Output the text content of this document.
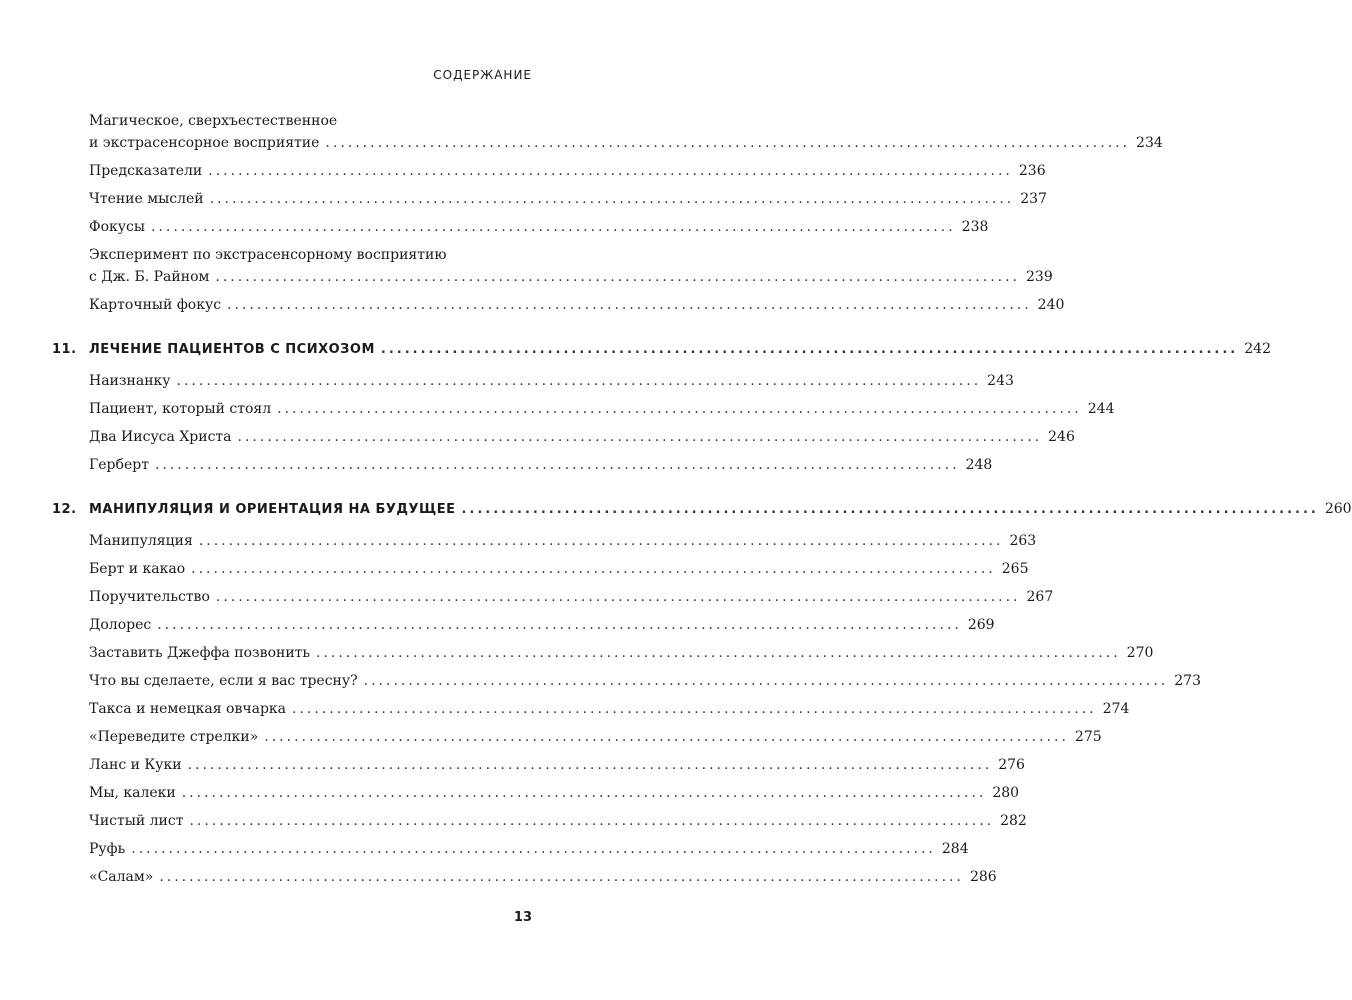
СОДЕРЖАНИЕ
Магическое, сверхъестественное
и экстрасенсорное восприятие ............................................................................................................ 234
Предсказатели ............................................................................................................ 236
Чтение мыслей ............................................................................................................ 237
Фокусы ............................................................................................................ 238
Эксперимент по экстрасенсорному восприятию
с Дж. Б. Райном ............................................................................................................ 239
Карточный фокус ............................................................................................................ 240
11. ЛЕЧЕНИЕ ПАЦИЕНТОВ С ПСИХОЗОМ ............................................................................................................ 242
Наизнанку ............................................................................................................ 243
Пациент, который стоял ............................................................................................................ 244
Два Иисуса Христа ............................................................................................................ 246
Герберт ............................................................................................................ 248
12. МАНИПУЛЯЦИЯ И ОРИЕНТАЦИЯ НА БУДУЩЕЕ ............................................................................................................ 260
Манипуляция ............................................................................................................ 263
Берт и какао ............................................................................................................ 265
Поручительство ............................................................................................................ 267
Долорес ............................................................................................................ 269
Заставить Джеффа позвонить ............................................................................................................ 270
Что вы сделаете, если я вас тресну? ............................................................................................................ 273
Такса и немецкая овчарка ............................................................................................................ 274
«Переведите стрелки» ............................................................................................................ 275
Ланс и Куки ............................................................................................................ 276
Мы, калеки ............................................................................................................ 280
Чистый лист ............................................................................................................ 282
Руфь ............................................................................................................ 284
«Салам» ............................................................................................................ 286
13
